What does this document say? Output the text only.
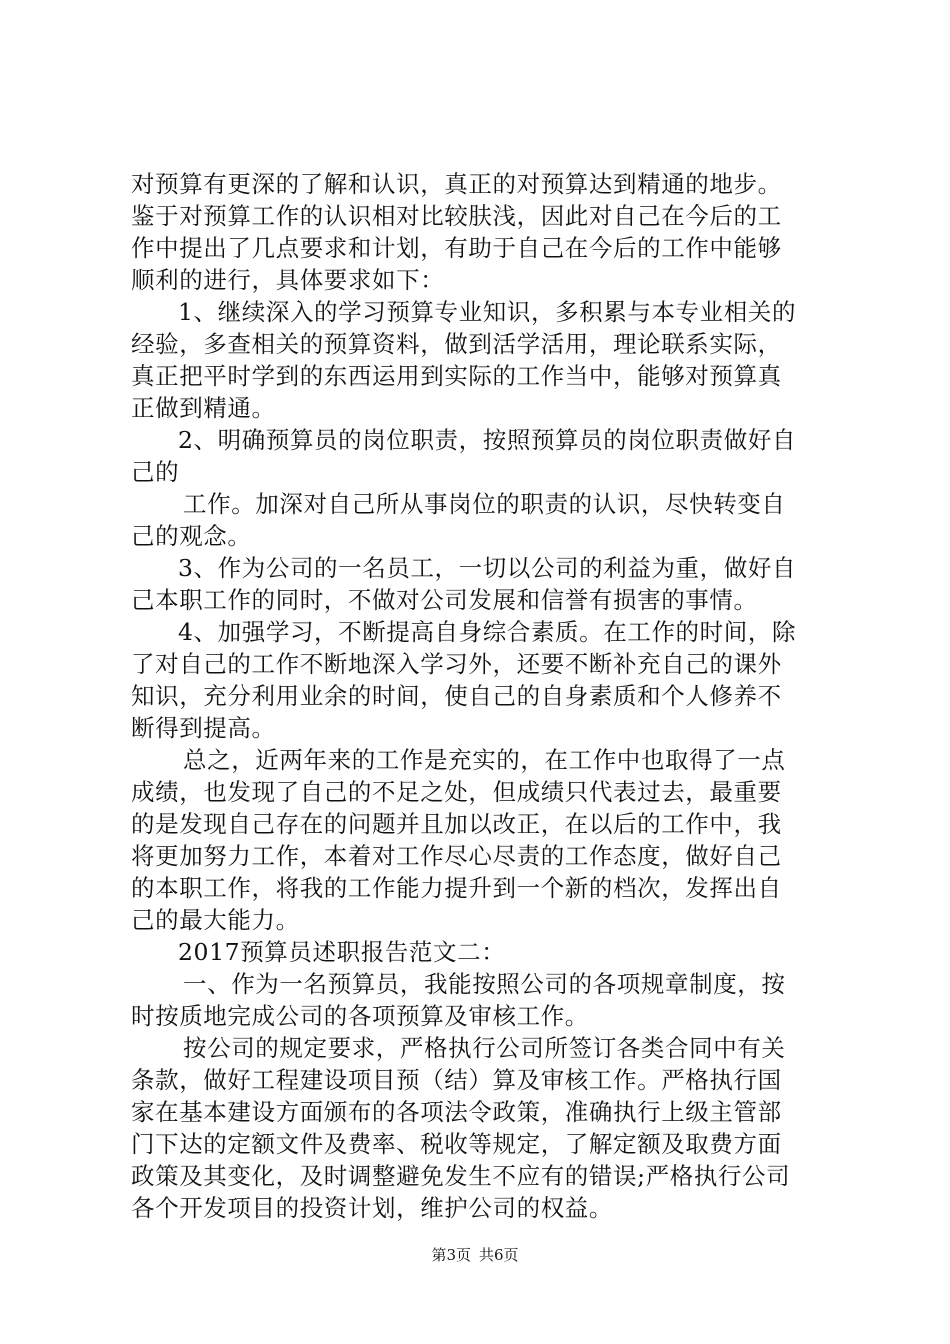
对预算有更深的了解和认识，真正的对预算达到精通的地步。
鉴于对预算工作的认识相对比较肤浅，因此对自己在今后的工
作中提出了几点要求和计划，有助于自己在今后的工作中能够
顺利的进行，具体要求如下：
1、继续深入的学习预算专业知识，多积累与本专业相关的
经验，多查相关的预算资料，做到活学活用，理论联系实际，
真正把平时学到的东西运用到实际的工作当中，能够对预算真
正做到精通。
2、明确预算员的岗位职责，按照预算员的岗位职责做好自
己的
工作。加深对自己所从事岗位的职责的认识，尽快转变自
己的观念。
3、作为公司的一名员工，一切以公司的利益为重，做好自
己本职工作的同时，不做对公司发展和信誉有损害的事情。
4、加强学习，不断提高自身综合素质。在工作的时间，除
了对自己的工作不断地深入学习外，还要不断补充自己的课外
知识，充分利用业余的时间，使自己的自身素质和个人修养不
断得到提高。
总之，近两年来的工作是充实的，在工作中也取得了一点
成绩，也发现了自己的不足之处，但成绩只代表过去，最重要
的是发现自己存在的问题并且加以改正，在以后的工作中，我
将更加努力工作，本着对工作尽心尽责的工作态度，做好自己
的本职工作，将我的工作能力提升到一个新的档次，发挥出自
己的最大能力。
2017预算员述职报告范文二：
一、作为一名预算员，我能按照公司的各项规章制度，按
时按质地完成公司的各项预算及审核工作。
按公司的规定要求，严格执行公司所签订各类合同中有关
条款，做好工程建设项目预（结）算及审核工作。严格执行国
家在基本建设方面颁布的各项法令政策，准确执行上级主管部
门下达的定额文件及费率、税收等规定，了解定额及取费方面
政策及其变化，及时调整避免发生不应有的错误;严格执行公司
各个开发项目的投资计划，维护公司的权益。
第3页 共6页
